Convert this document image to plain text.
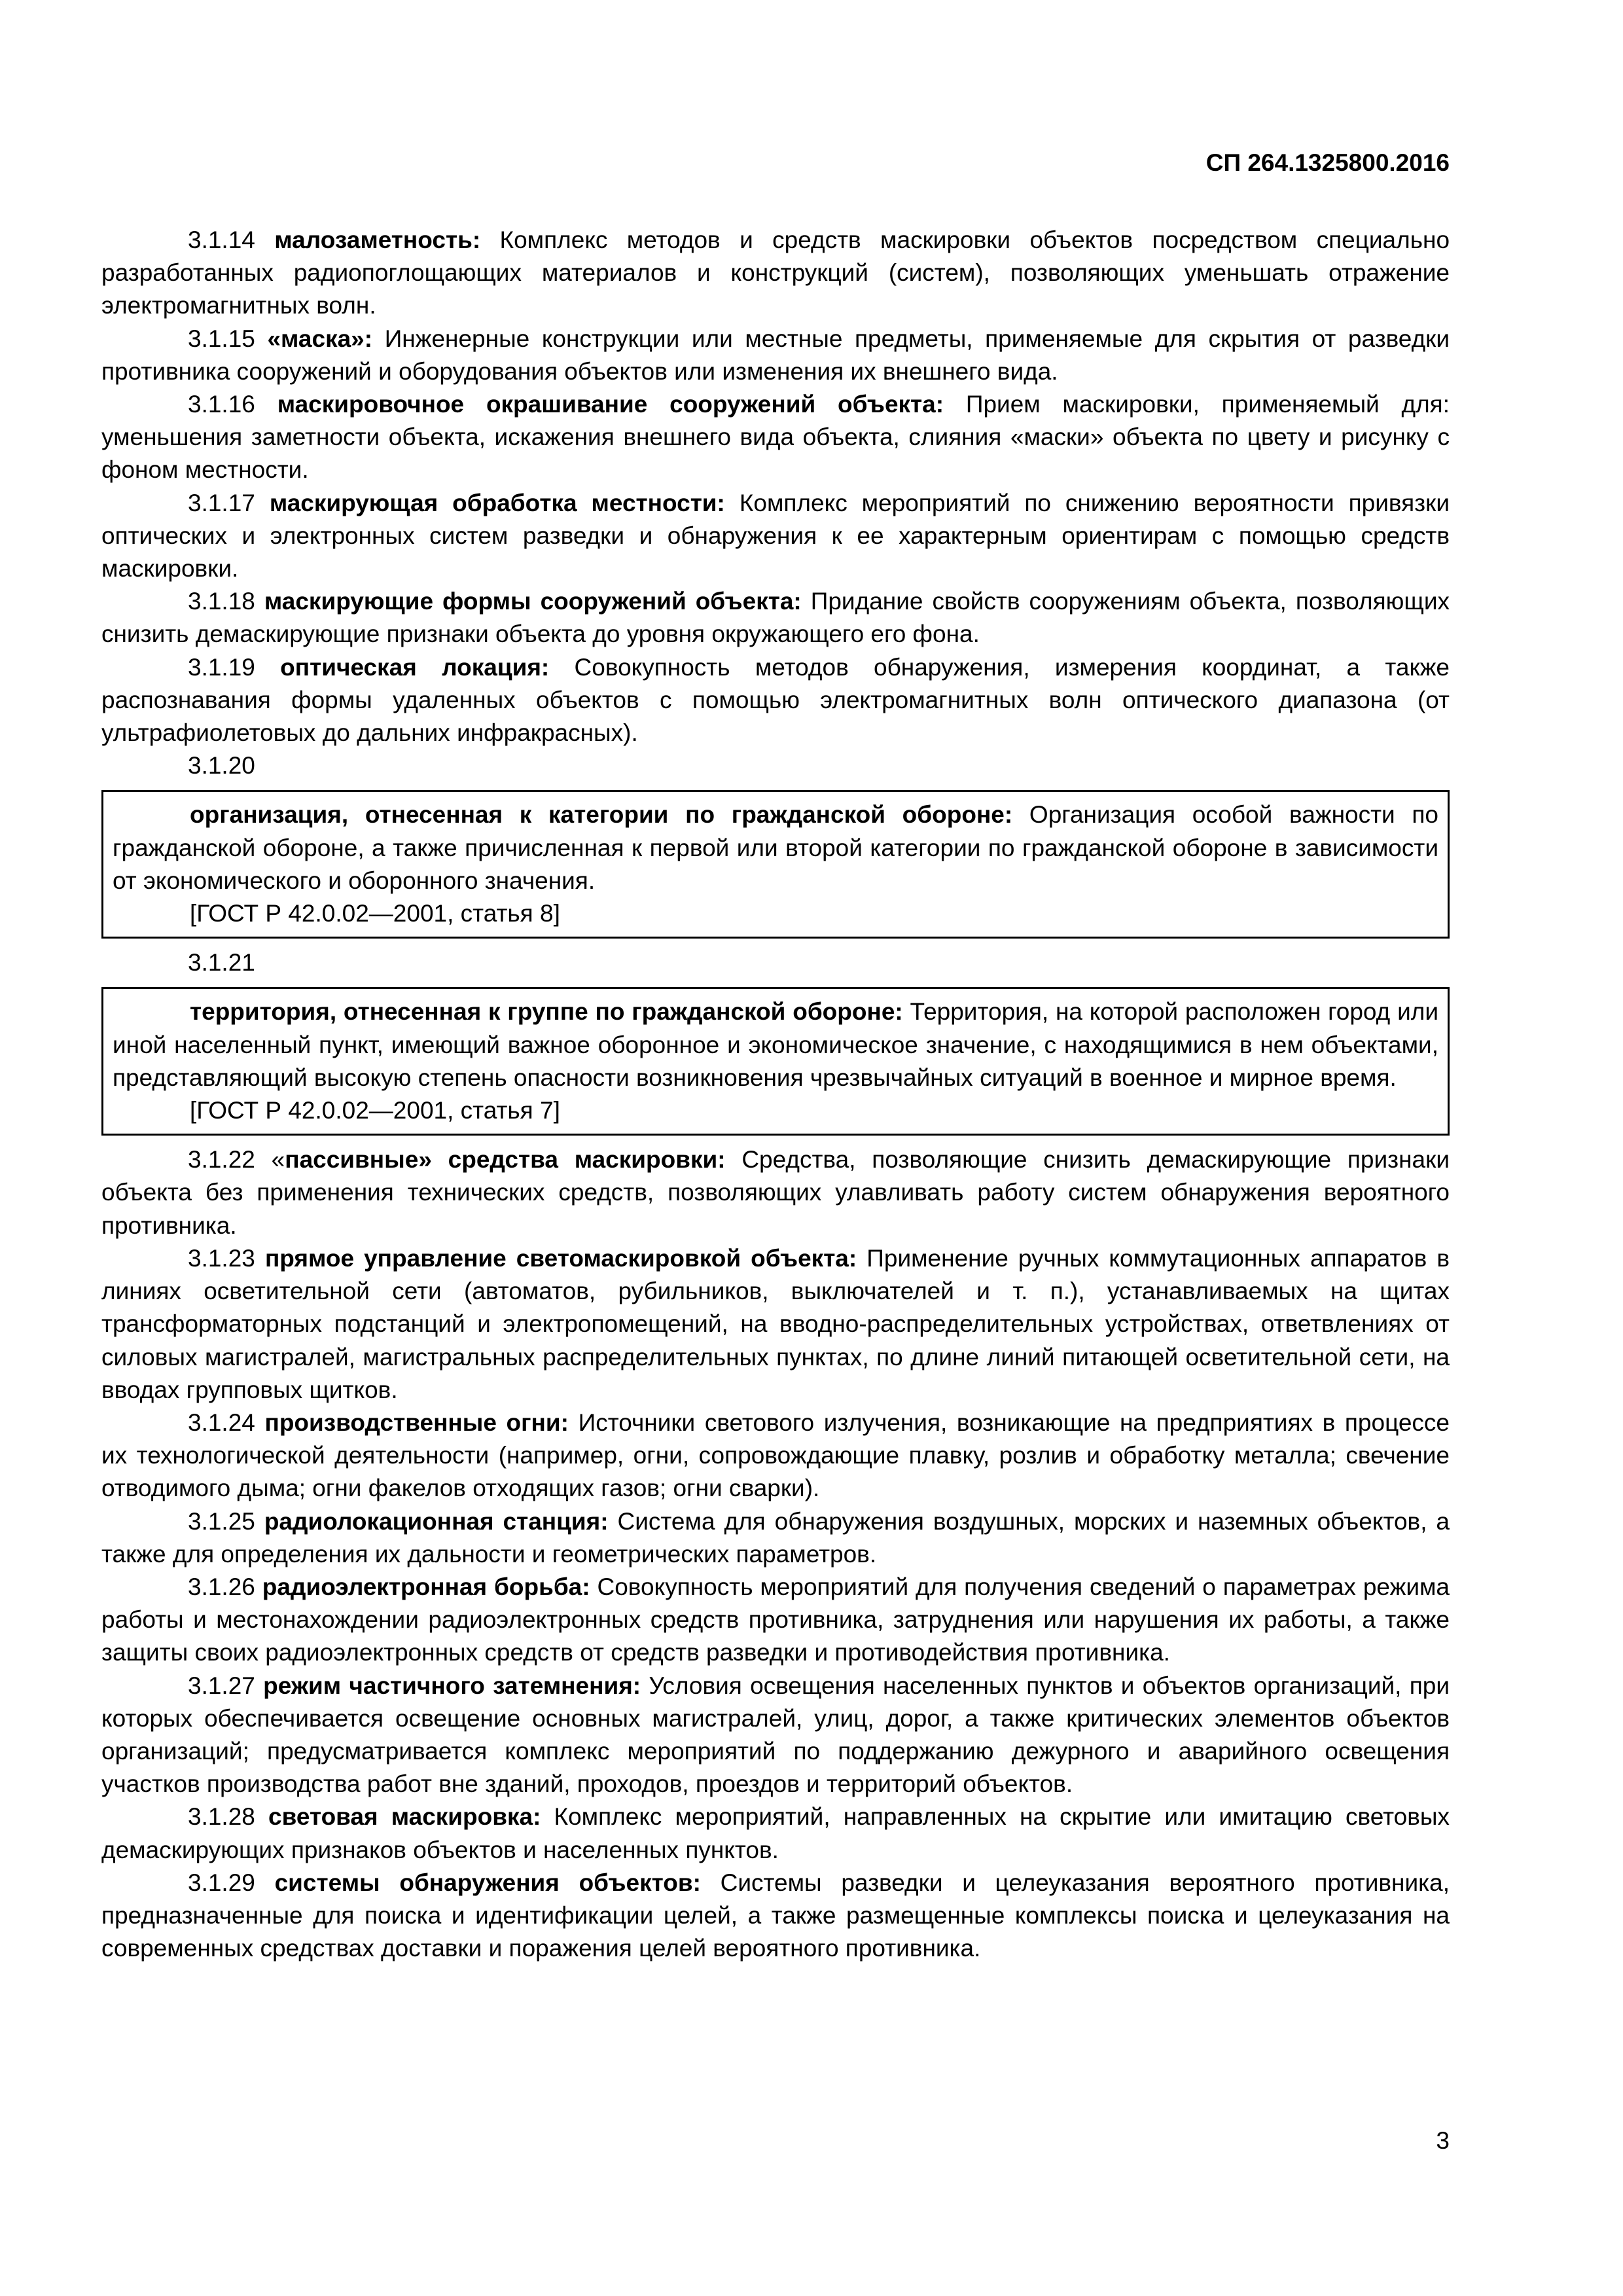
СП 264.1325800.2016

3.1.14 малозаметность: Комплекс методов и средств маскировки объектов посредством специально разработанных радиопоглощающих материалов и конструкций (систем), позволяющих уменьшать отражение электромагнитных волн.

3.1.15 «маска»: Инженерные конструкции или местные предметы, применяемые для скрытия от разведки противника сооружений и оборудования объектов или изменения их внешнего вида.

3.1.16 маскировочное окрашивание сооружений объекта: Прием маскировки, применяемый для: уменьшения заметности объекта, искажения внешнего вида объекта, слияния «маски» объекта по цвету и рисунку с фоном местности.

3.1.17 маскирующая обработка местности: Комплекс мероприятий по снижению вероятности привязки оптических и электронных систем разведки и обнаружения к ее характерным ориентирам с помощью средств маскировки.

3.1.18 маскирующие формы сооружений объекта: Придание свойств сооружениям объекта, позволяющих снизить демаскирующие признаки объекта до уровня окружающего его фона.

3.1.19 оптическая локация: Совокупность методов обнаружения, измерения координат, а также распознавания формы удаленных объектов с помощью электромагнитных волн оптического диапазона (от ультрафиолетовых до дальних инфракрасных).

3.1.20

организация, отнесенная к категории по гражданской обороне: Организация особой важности по гражданской обороне, а также причисленная к первой или второй категории по гражданской обороне в зависимости от экономического и оборонного значения.

[ГОСТ Р 42.0.02—2001, статья 8]

3.1.21

территория, отнесенная к группе по гражданской обороне: Территория, на которой расположен город или иной населенный пункт, имеющий важное оборонное и экономическое значение, с находящимися в нем объектами, представляющий высокую степень опасности возникновения чрезвычайных ситуаций в военное и мирное время.

[ГОСТ Р 42.0.02—2001, статья 7]

3.1.22 «пассивные» средства маскировки: Средства, позволяющие снизить демаскирующие признаки объекта без применения технических средств, позволяющих улавливать работу систем обнаружения вероятного противника.

3.1.23 прямое управление светомаскировкой объекта: Применение ручных коммутационных аппаратов в линиях осветительной сети (автоматов, рубильников, выключателей и т. п.), устанавливаемых на щитах трансформаторных подстанций и электропомещений, на вводно-распределительных устройствах, ответвлениях от силовых магистралей, магистральных распределительных пунктах, по длине линий питающей осветительной сети, на вводах групповых щитков.

3.1.24 производственные огни: Источники светового излучения, возникающие на предприятиях в процессе их технологической деятельности (например, огни, сопровождающие плавку, розлив и обработку металла; свечение отводимого дыма; огни факелов отходящих газов; огни сварки).

3.1.25 радиолокационная станция: Система для обнаружения воздушных, морских и наземных объектов, а также для определения их дальности и геометрических параметров.

3.1.26 радиоэлектронная борьба: Совокупность мероприятий для получения сведений о параметрах режима работы и местонахождении радиоэлектронных средств противника, затруднения или нарушения их работы, а также защиты своих радиоэлектронных средств от средств разведки и противодействия противника.

3.1.27 режим частичного затемнения: Условия освещения населенных пунктов и объектов организаций, при которых обеспечивается освещение основных магистралей, улиц, дорог, а также критических элементов объектов организаций; предусматривается комплекс мероприятий по поддержанию дежурного и аварийного освещения участков производства работ вне зданий, проходов, проездов и территорий объектов.

3.1.28 световая маскировка: Комплекс мероприятий, направленных на скрытие или имитацию световых демаскирующих признаков объектов и населенных пунктов.

3.1.29 системы обнаружения объектов: Системы разведки и целеуказания вероятного противника, предназначенные для поиска и идентификации целей, а также размещенные комплексы поиска и целеуказания на современных средствах доставки и поражения целей вероятного противника.

3
